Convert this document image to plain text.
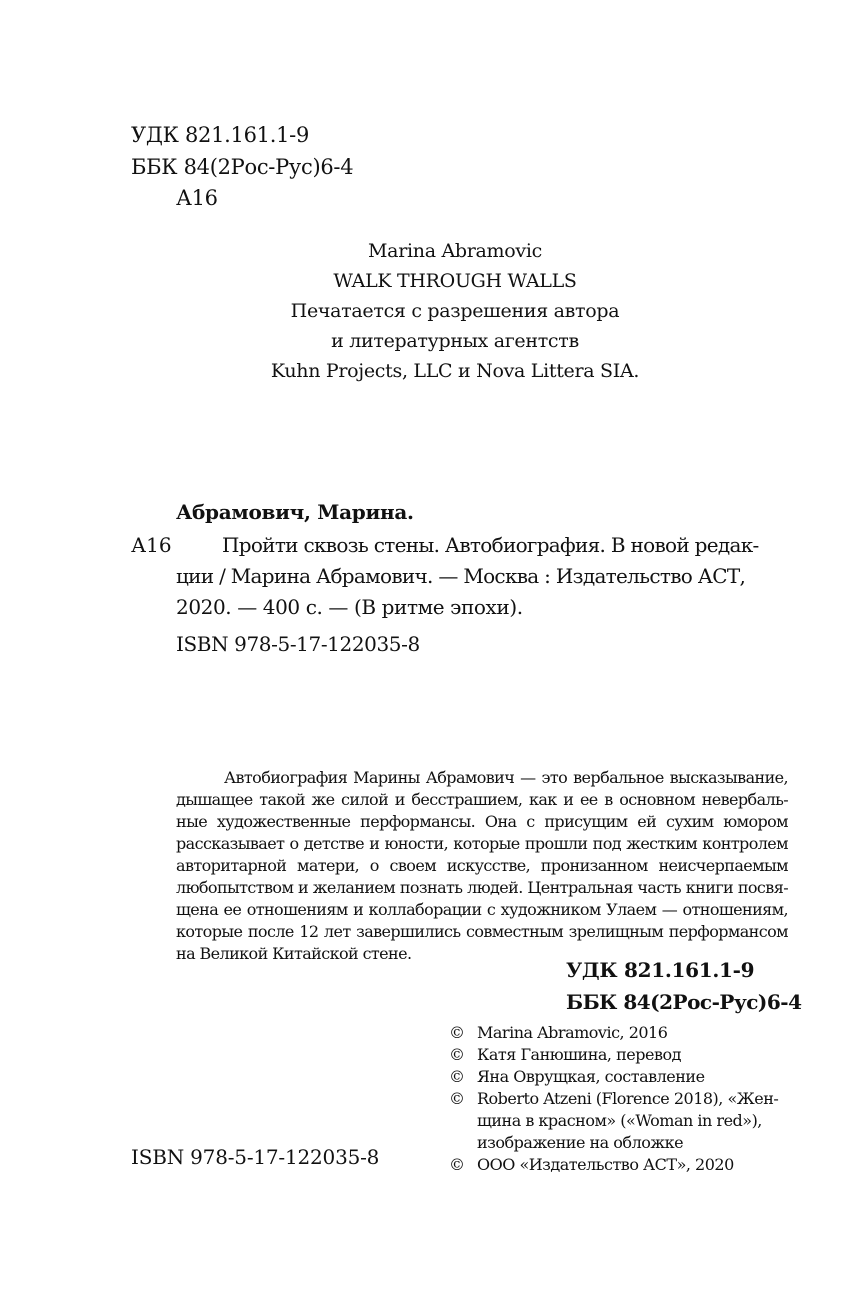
УДК 821.161.1-9
ББК 84(2Рос-Рус)6-4
А16
Marina Abramovic
WALK THROUGH WALLS
Печатается с разрешения автора
и литературных агентств
Kuhn Projects, LLC и Nova Littera SIA.
Абрамович, Марина.
А16	Пройти сквозь стены. Автобиография. В новой редак-
ции / Марина Абрамович. — Москва : Издательство АСТ,
2020. — 400 с. — (В ритме эпохи).
ISBN 978-5-17-122035-8
Автобиография Марины Абрамович — это вербальное высказывание,
дышащее такой же силой и бесстрашием, как и ее в основном невербаль-
ные художественные перформансы. Она с присущим ей сухим юмором
рассказывает о детстве и юности, которые прошли под жестким контролем
авторитарной матери, о своем искусстве, пронизанном неисчерпаемым
любопытством и желанием познать людей. Центральная часть книги посвя-
щена ее отношениям и коллаборации с художником Улаем — отношениям,
которые после 12 лет завершились совместным зрелищным перформансом
на Великой Китайской стене.
УДК 821.161.1-9
ББК 84(2Рос-Рус)6-4
ISBN 978-5-17-122035-8
© Marina Abramovic, 2016
© Катя Ганюшина, перевод
© Яна Оврущкая, составление
© Roberto Atzeni (Florence 2018), «Жен-
щина в красном» («Woman in red»),
изображение на обложке
© ООО «Издательство АСТ», 2020
